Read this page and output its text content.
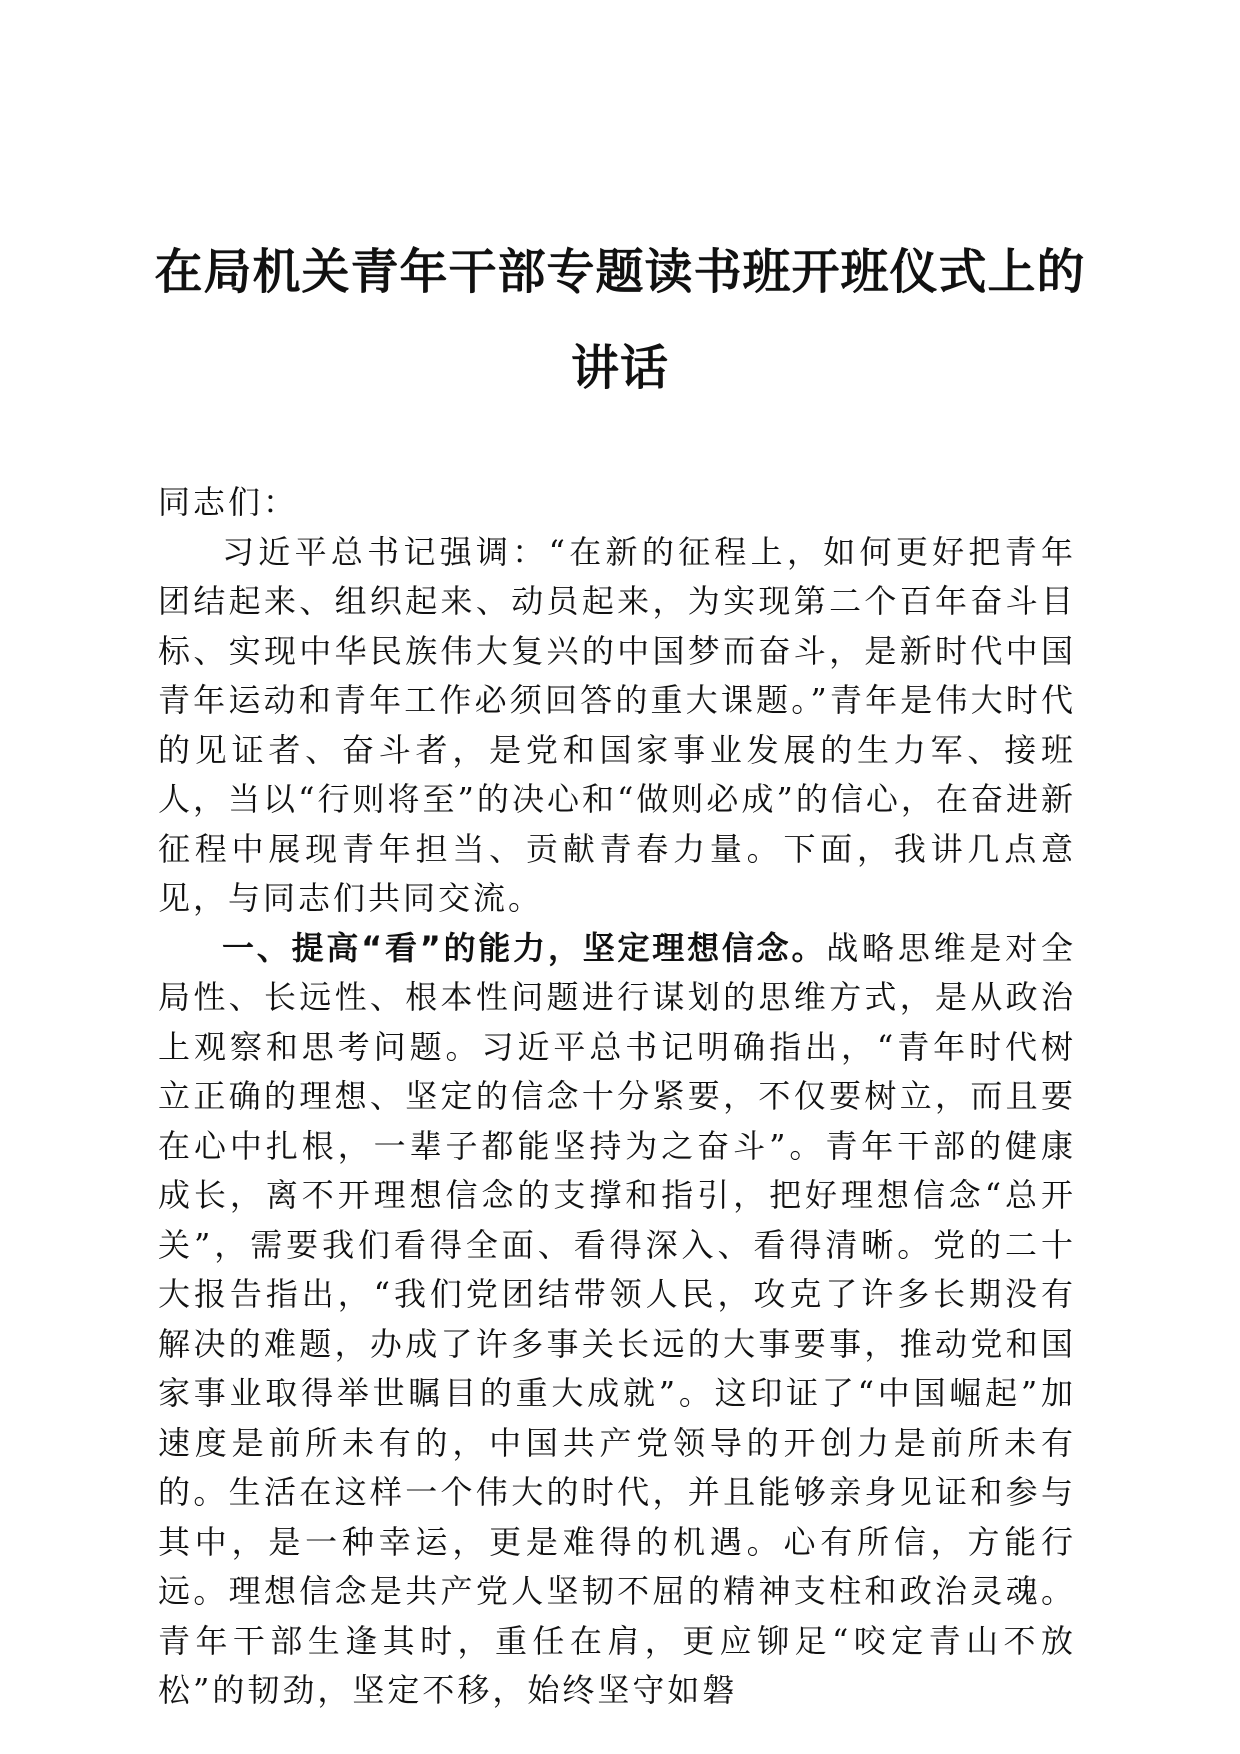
在局机关青年干部专题读书班开班仪式上的讲话

同志们：

习近平总书记强调：“在新的征程上，如何更好把青年团结起来、组织起来、动员起来，为实现第二个百年奋斗目标、实现中华民族伟大复兴的中国梦而奋斗，是新时代中国青年运动和青年工作必须回答的重大课题。”青年是伟大时代的见证者、奋斗者，是党和国家事业发展的生力军、接班人，当以“行则将至”的决心和“做则必成”的信心，在奋进新征程中展现青年担当、贡献青春力量。下面，我讲几点意见，与同志们共同交流。

一、提高“看”的能力，坚定理想信念。战略思维是对全局性、长远性、根本性问题进行谋划的思维方式，是从政治上观察和思考问题。习近平总书记明确指出，“青年时代树立正确的理想、坚定的信念十分紧要，不仅要树立，而且要在心中扎根，一辈子都能坚持为之奋斗”。青年干部的健康成长，离不开理想信念的支撑和指引，把好理想信念“总开关”，需要我们看得全面、看得深入、看得清晰。党的二十大报告指出，“我们党团结带领人民，攻克了许多长期没有解决的难题，办成了许多事关长远的大事要事，推动党和国家事业取得举世瞩目的重大成就”。这印证了“中国崛起”加速度是前所未有的，中国共产党领导的开创力是前所未有的。生活在这样一个伟大的时代，并且能够亲身见证和参与其中，是一种幸运，更是难得的机遇。心有所信，方能行远。理想信念是共产党人坚韧不屈的精神支柱和政治灵魂。青年干部生逢其时，重任在肩，更应铆足“咬定青山不放松”的韧劲，坚定不移，始终坚守如磐
